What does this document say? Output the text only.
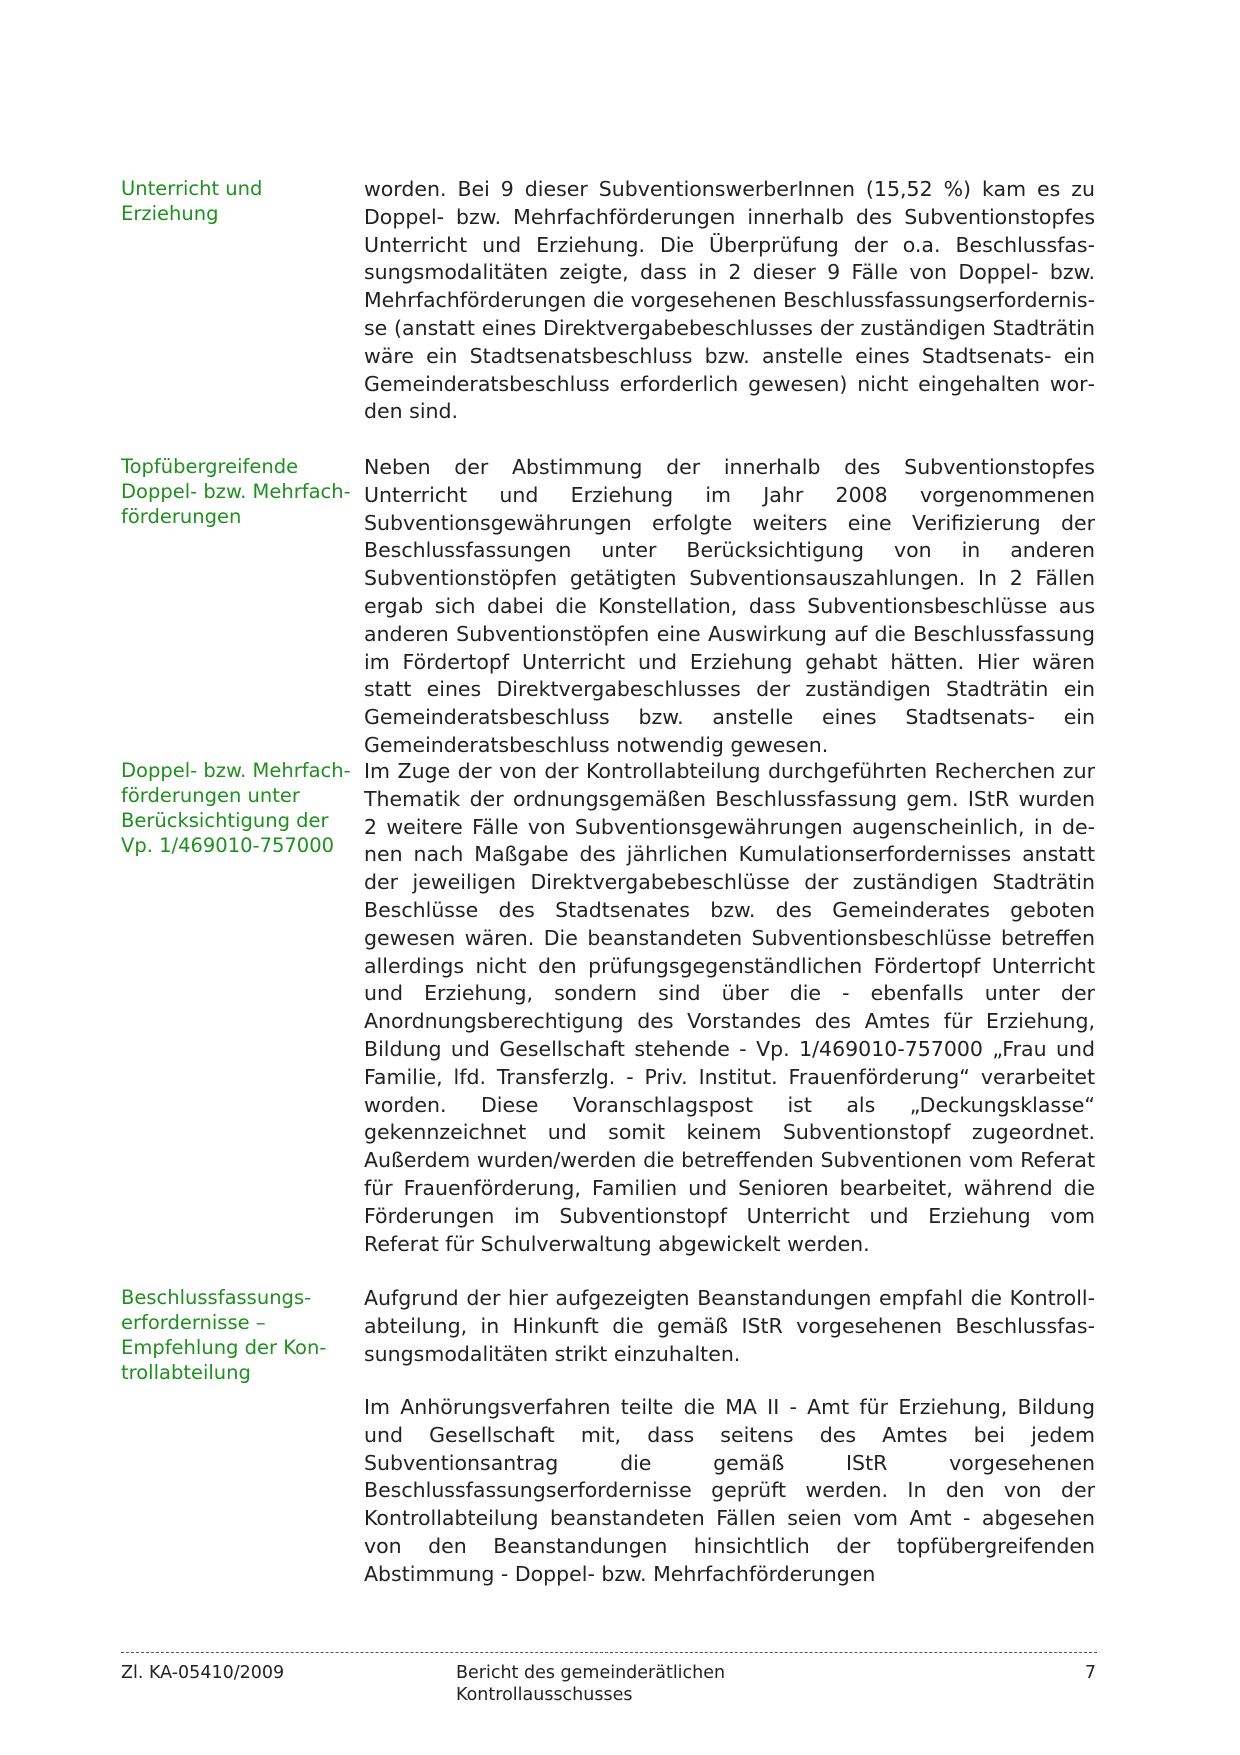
Unterricht und Erziehung

worden. Bei 9 dieser SubventionswerberInnen (15,52 %) kam es zu Doppel- bzw. Mehrfachförderungen innerhalb des Subventionstopfes Unterricht und Erziehung. Die Überprüfung der o.a. Beschlussfassungsmodalitäten zeigte, dass in 2 dieser 9 Fälle von Doppel- bzw. Mehrfachförderungen die vorgesehenen Beschlussfassungserfordernisse (anstatt eines Direktvergabebeschlusses der zuständigen Stadträtin wäre ein Stadtsenatsbeschluss bzw. anstelle eines Stadtsenats- ein Gemeinderatsbeschluss erforderlich gewesen) nicht eingehalten worden sind.

Topfübergreifende Doppel- bzw. Mehrfachförderungen

Neben der Abstimmung der innerhalb des Subventionstopfes Unterricht und Erziehung im Jahr 2008 vorgenommenen Subventionsgewährungen erfolgte weiters eine Verifizierung der Beschlussfassungen unter Berücksichtigung von in anderen Subventionstöpfen getätigten Subventionsauszahlungen. In 2 Fällen ergab sich dabei die Konstellation, dass Subventionsbeschlüsse aus anderen Subventionstöpfen eine Auswirkung auf die Beschlussfassung im Fördertopf Unterricht und Erziehung gehabt hätten. Hier wären statt eines Direktvergabeschlusses der zuständigen Stadträtin ein Gemeinderatsbeschluss bzw. anstelle eines Stadtsenats- ein Gemeinderatsbeschluss notwendig gewesen.

Doppel- bzw. Mehrfachförderungen unter Berücksichtigung der Vp. 1/469010-757000

Im Zuge der von der Kontrollabteilung durchgeführten Recherchen zur Thematik der ordnungsgemäßen Beschlussfassung gem. IStR wurden 2 weitere Fälle von Subventionsgewährungen augenscheinlich, in denen nach Maßgabe des jährlichen Kumulationserfordernisses anstatt der jeweiligen Direktvergabebeschlüsse der zuständigen Stadträtin Beschlüsse des Stadtsenates bzw. des Gemeinderates geboten gewesen wären. Die beanstandeten Subventionsbeschlüsse betreffen allerdings nicht den prüfungsgegenständlichen Fördertopf Unterricht und Erziehung, sondern sind über die - ebenfalls unter der Anordnungsberechtigung des Vorstandes des Amtes für Erziehung, Bildung und Gesellschaft stehende - Vp. 1/469010-757000 „Frau und Familie, lfd. Transferzlg. - Priv. Institut. Frauenförderung“ verarbeitet worden. Diese Voranschlagspost ist als „Deckungsklasse“ gekennzeichnet und somit keinem Subventionstopf zugeordnet. Außerdem wurden/werden die betreffenden Subventionen vom Referat für Frauenförderung, Familien und Senioren bearbeitet, während die Förderungen im Subventionstopf Unterricht und Erziehung vom Referat für Schulverwaltung abgewickelt werden.

Beschlussfassungserfordernisse – Empfehlung der Kontrollabteilung

Aufgrund der hier aufgezeigten Beanstandungen empfahl die Kontrollabteilung, in Hinkunft die gemäß IStR vorgesehenen Beschlussfassungsmodalitäten strikt einzuhalten.

Im Anhörungsverfahren teilte die MA II - Amt für Erziehung, Bildung und Gesellschaft mit, dass seitens des Amtes bei jedem Subventionsantrag die gemäß IStR vorgesehenen Beschlussfassungserfordernisse geprüft werden. In den von der Kontrollabteilung beanstandeten Fällen seien vom Amt - abgesehen von den Beanstandungen hinsichtlich der topfübergreifenden Abstimmung - Doppel- bzw. Mehrfachförderungen

Zl. KA-05410/2009	Bericht des gemeinderätlichen Kontrollausschusses
7
